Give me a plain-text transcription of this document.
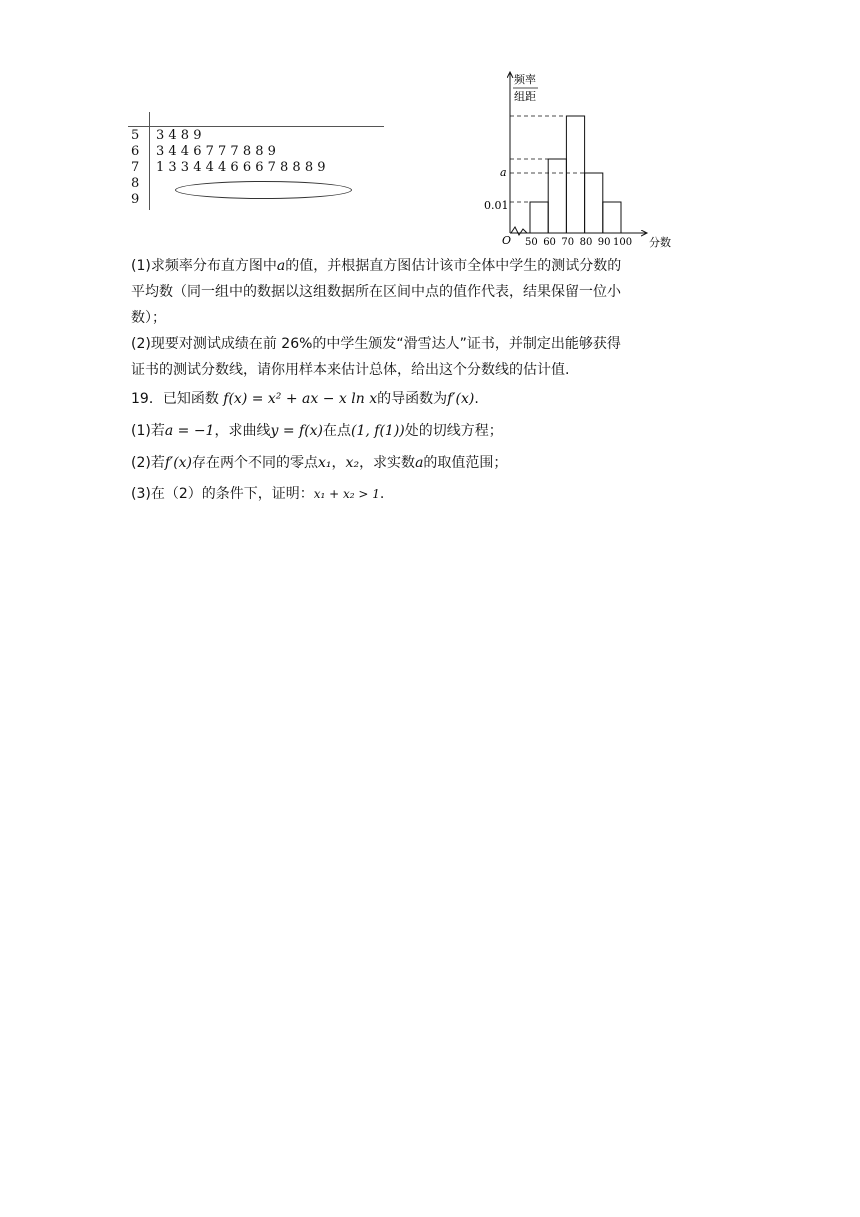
5 3 4 8 9
6 3 4 4 6 7 7 7 8 8 9
7 1 3 3 4 4 4 6 6 6 7 8 8 8 9
8
9
频率
组距
a
0.01
O 50 60 70 80 90 100 分数
(1)求频率分布直方图中a的值，并根据直方图估计该市全体中学生的测试分数的
平均数（同一组中的数据以这组数据所在区间中点的值作代表，结果保留一位小
数）；
(2)现要对测试成绩在前 26%的中学生颁发“滑雪达人”证书，并制定出能够获得
证书的测试分数线，请你用样本来估计总体，给出这个分数线的估计值.
19．已知函数 f(x) = x² + ax − x ln x的导函数为f′(x).
(1)若a = −1，求曲线y = f(x)在点(1, f(1))处的切线方程；
(2)若f′(x)存在两个不同的零点x₁，x₂，求实数a的取值范围；
(3)在（2）的条件下，证明：x₁ + x₂ > 1.
